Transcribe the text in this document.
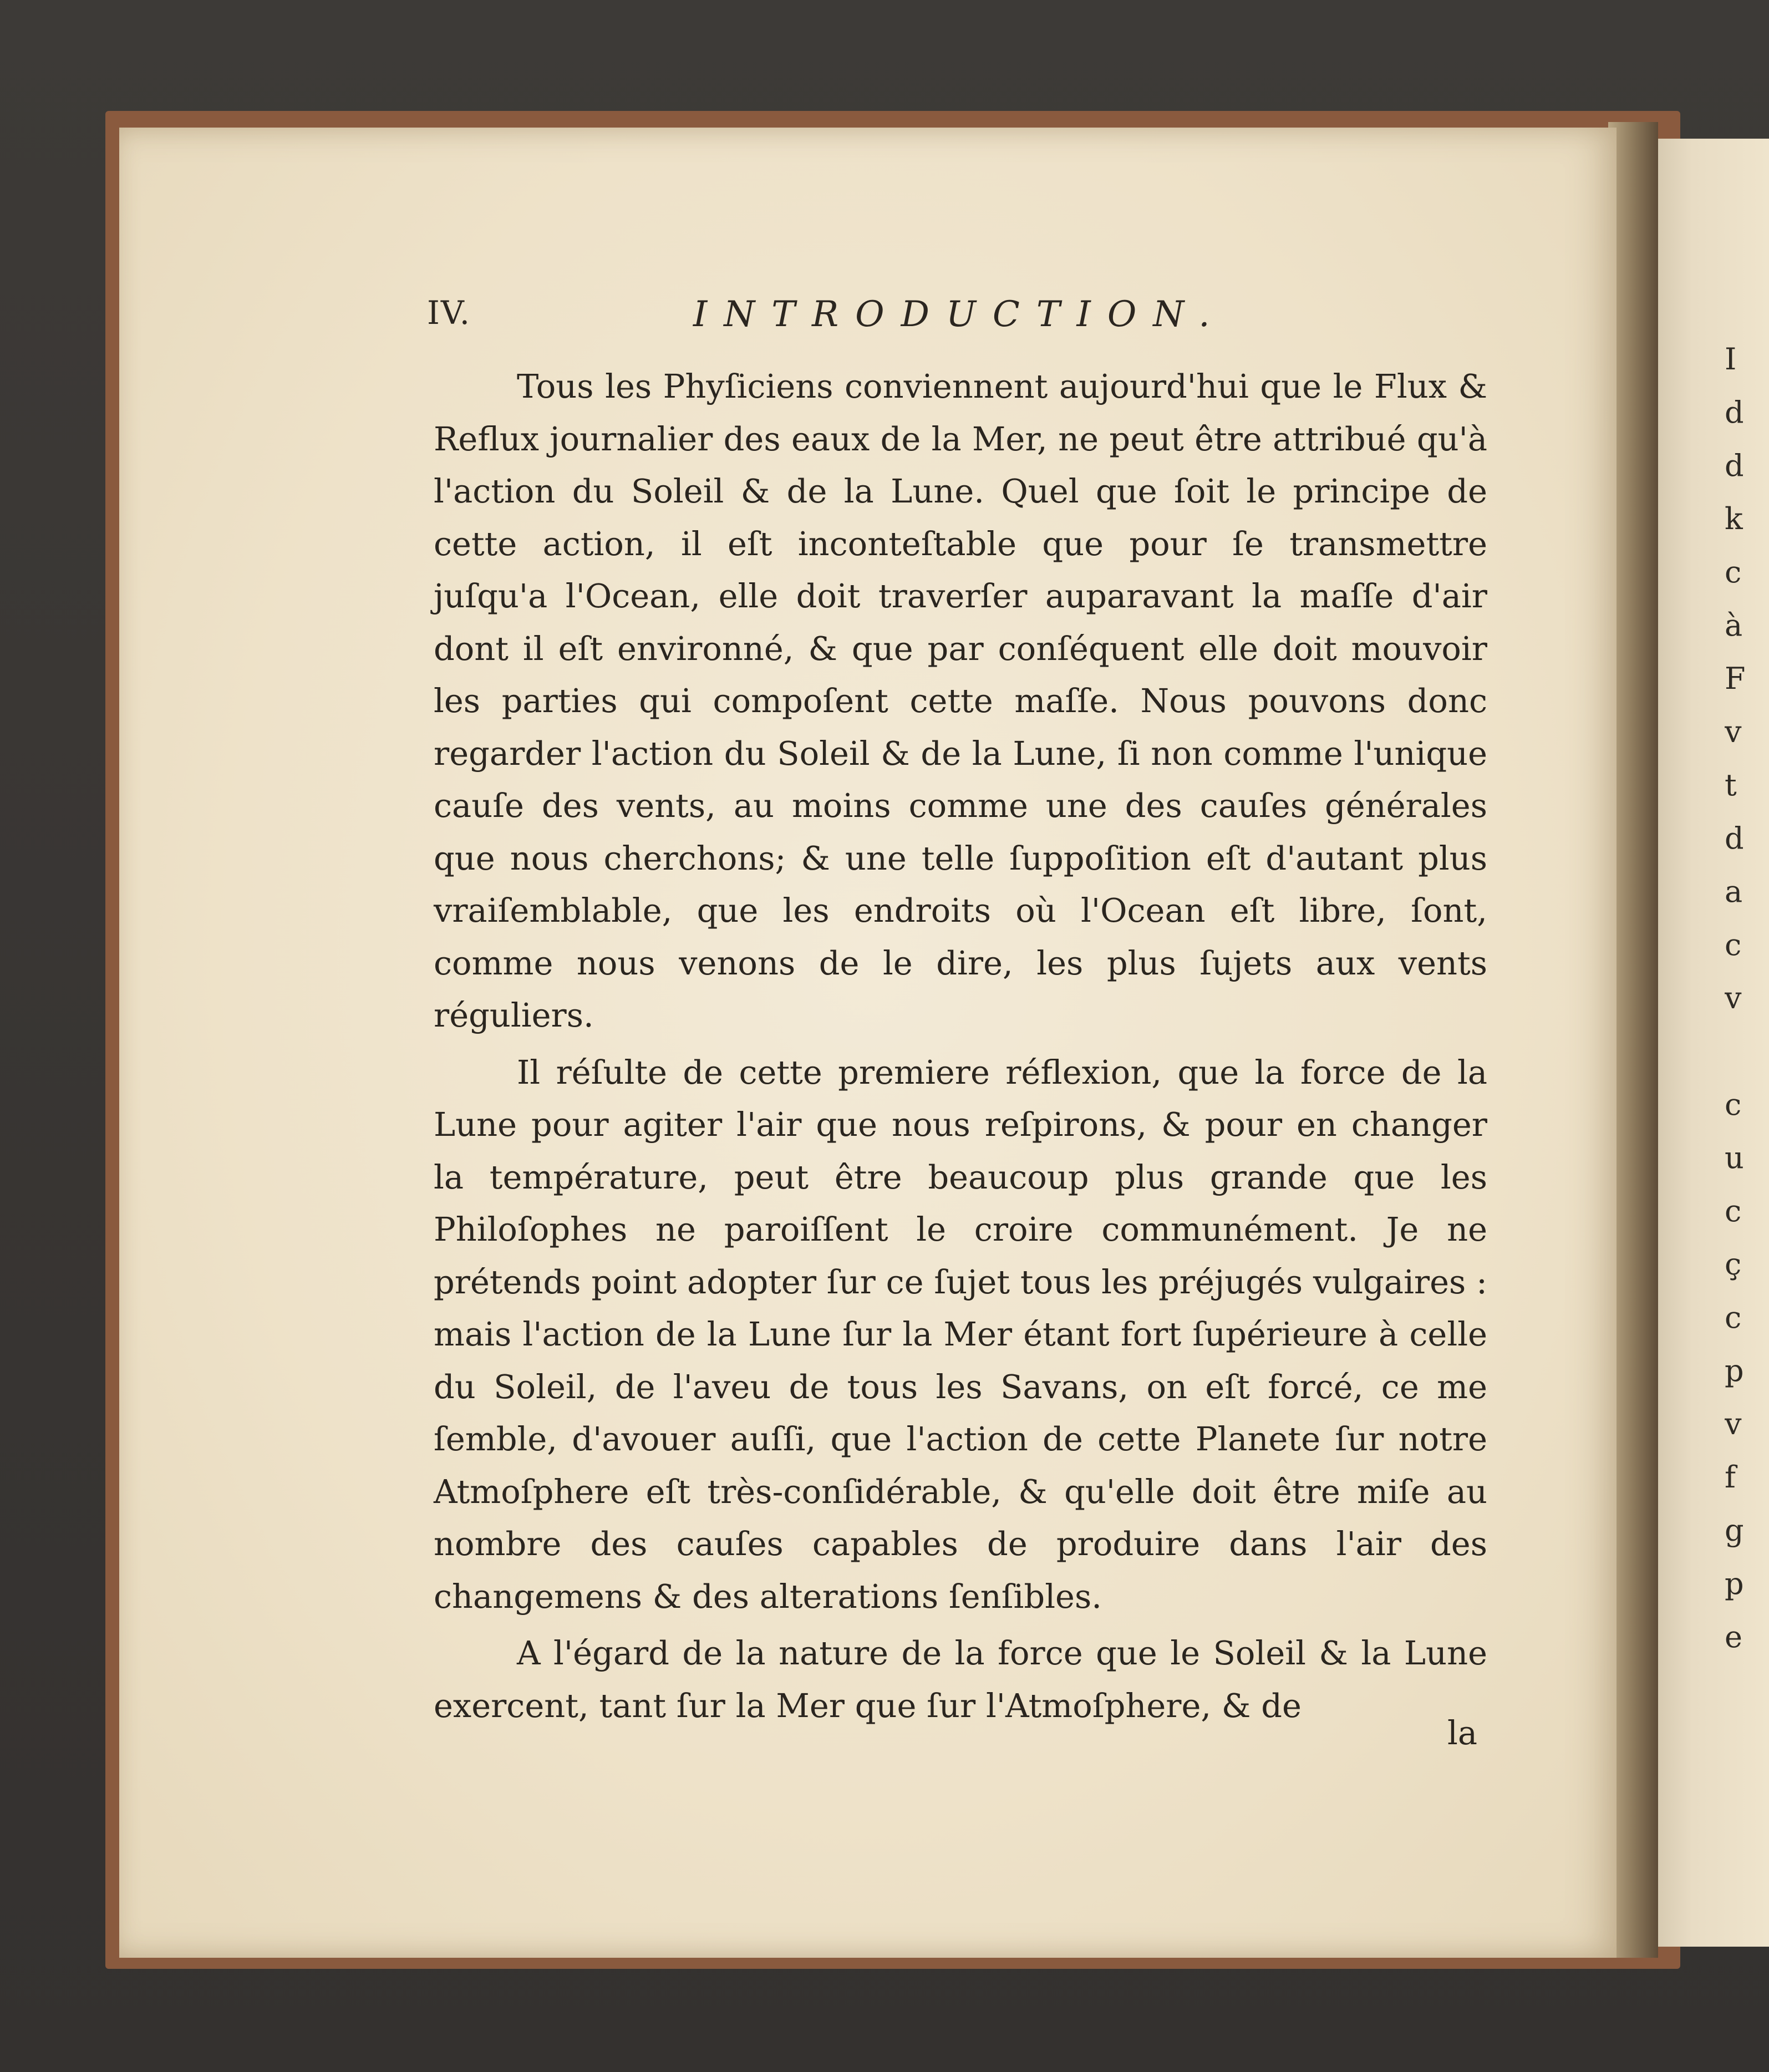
I
d
d
k
c
à
F
v
t
d
a
c
v

c
u
c
ç
c
p
v
f
g
p
e
IV.	INTRODUCTION.

Tous les Phyſiciens conviennent aujourd'hui que le Flux & Reflux journalier des eaux de la Mer, ne peut être attribué qu'à l'action du Soleil & de la Lune. Quel que ſoit le principe de cette action, il eſt inconteſtable que pour ſe transmettre juſqu'a l'Ocean, elle doit traverſer auparavant la maſſe d'air dont il eſt environné, & que par conſéquent elle doit mouvoir les parties qui compoſent cette maſſe. Nous pouvons donc regarder l'action du Soleil & de la Lune, ſi non comme l'unique cauſe des vents, au moins comme une des cauſes générales que nous cherchons; & une telle ſuppoſition eſt d'autant plus vraiſemblable, que les endroits où l'Ocean eſt libre, ſont, comme nous venons de le dire, les plus ſujets aux vents réguliers.

Il réſulte de cette premiere réflexion, que la force de la Lune pour agiter l'air que nous reſpirons, & pour en changer la température, peut être beaucoup plus grande que les Philoſophes ne paroiſſent le croire communément. Je ne prétends point adopter ſur ce ſujet tous les préjugés vulgaires : mais l'action de la Lune ſur la Mer étant fort ſupérieure à celle du Soleil, de l'aveu de tous les Savans, on eſt forcé, ce me ſemble, d'avouer auſſi, que l'action de cette Planete ſur notre Atmoſphere eſt très-conſidérable, & qu'elle doit être miſe au nombre des cauſes capables de produire dans l'air des changemens & des alterations ſenſibles.

A l'égard de la nature de la force que le Soleil & la Lune exercent, tant ſur la Mer que ſur l'Atmoſphere, & de

la
